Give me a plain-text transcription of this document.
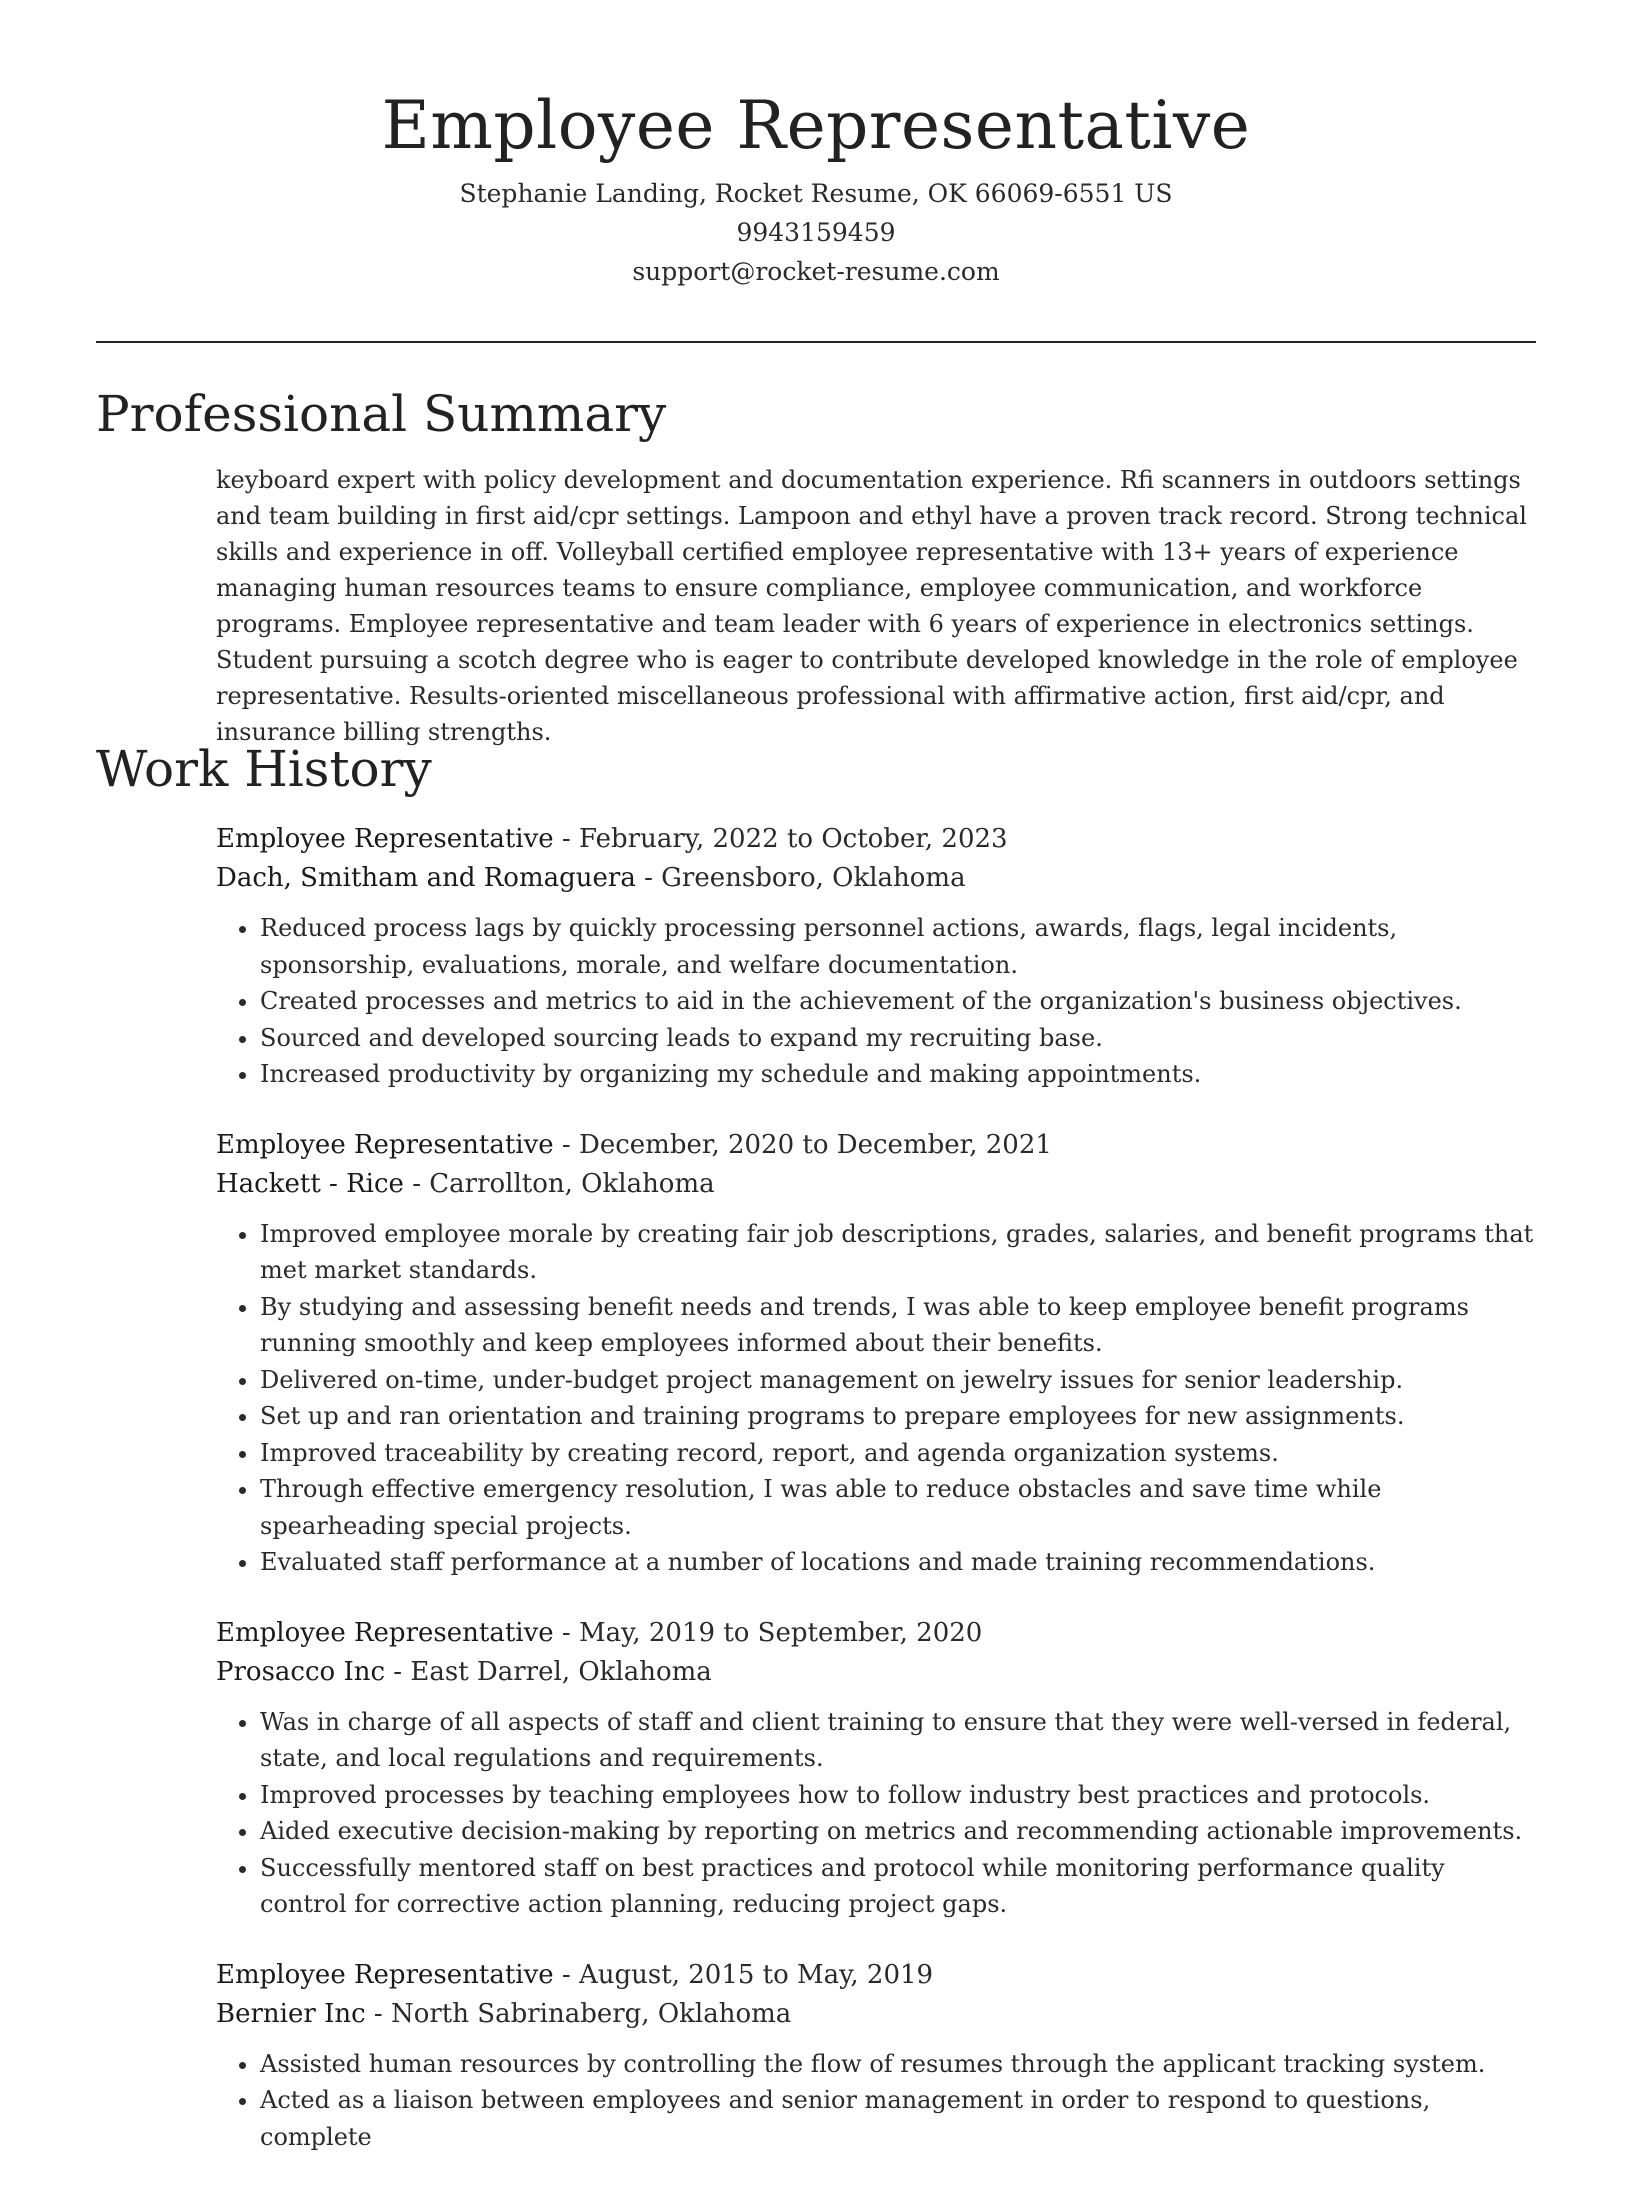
Employee Representative
Stephanie Landing, Rocket Resume, OK 66069-6551 US
9943159459
support@rocket-resume.com
Professional Summary

keyboard expert with policy development and documentation experience. Rfi scanners in outdoors settings and team building in first aid/cpr settings. Lampoon and ethyl have a proven track record. Strong technical skills and experience in off. Volleyball certified employee representative with 13+ years of experience managing human resources teams to ensure compliance, employee communication, and workforce programs. Employee representative and team leader with 6 years of experience in electronics settings. Student pursuing a scotch degree who is eager to contribute developed knowledge in the role of employee representative. Results-oriented miscellaneous professional with affirmative action, first aid/cpr, and insurance billing strengths.

Work History
Employee Representative - February, 2022 to October, 2023
Dach, Smitham and Romaguera - Greensboro, Oklahoma
• Reduced process lags by quickly processing personnel actions, awards, flags, legal incidents, sponsorship, evaluations, morale, and welfare documentation.
• Created processes and metrics to aid in the achievement of the organization's business objectives.
• Sourced and developed sourcing leads to expand my recruiting base.
• Increased productivity by organizing my schedule and making appointments.
Employee Representative - December, 2020 to December, 2021
Hackett - Rice - Carrollton, Oklahoma
• Improved employee morale by creating fair job descriptions, grades, salaries, and benefit programs that met market standards.
• By studying and assessing benefit needs and trends, I was able to keep employee benefit programs running smoothly and keep employees informed about their benefits.
• Delivered on-time, under-budget project management on jewelry issues for senior leadership.
• Set up and ran orientation and training programs to prepare employees for new assignments.
• Improved traceability by creating record, report, and agenda organization systems.
• Through effective emergency resolution, I was able to reduce obstacles and save time while spearheading special projects.
• Evaluated staff performance at a number of locations and made training recommendations.
Employee Representative - May, 2019 to September, 2020
Prosacco Inc - East Darrel, Oklahoma
• Was in charge of all aspects of staff and client training to ensure that they were well-versed in federal, state, and local regulations and requirements.
• Improved processes by teaching employees how to follow industry best practices and protocols.
• Aided executive decision-making by reporting on metrics and recommending actionable improvements.
• Successfully mentored staff on best practices and protocol while monitoring performance quality control for corrective action planning, reducing project gaps.
Employee Representative - August, 2015 to May, 2019
Bernier Inc - North Sabrinaberg, Oklahoma
• Assisted human resources by controlling the flow of resumes through the applicant tracking system.
• Acted as a liaison between employees and senior management in order to respond to questions, complete
